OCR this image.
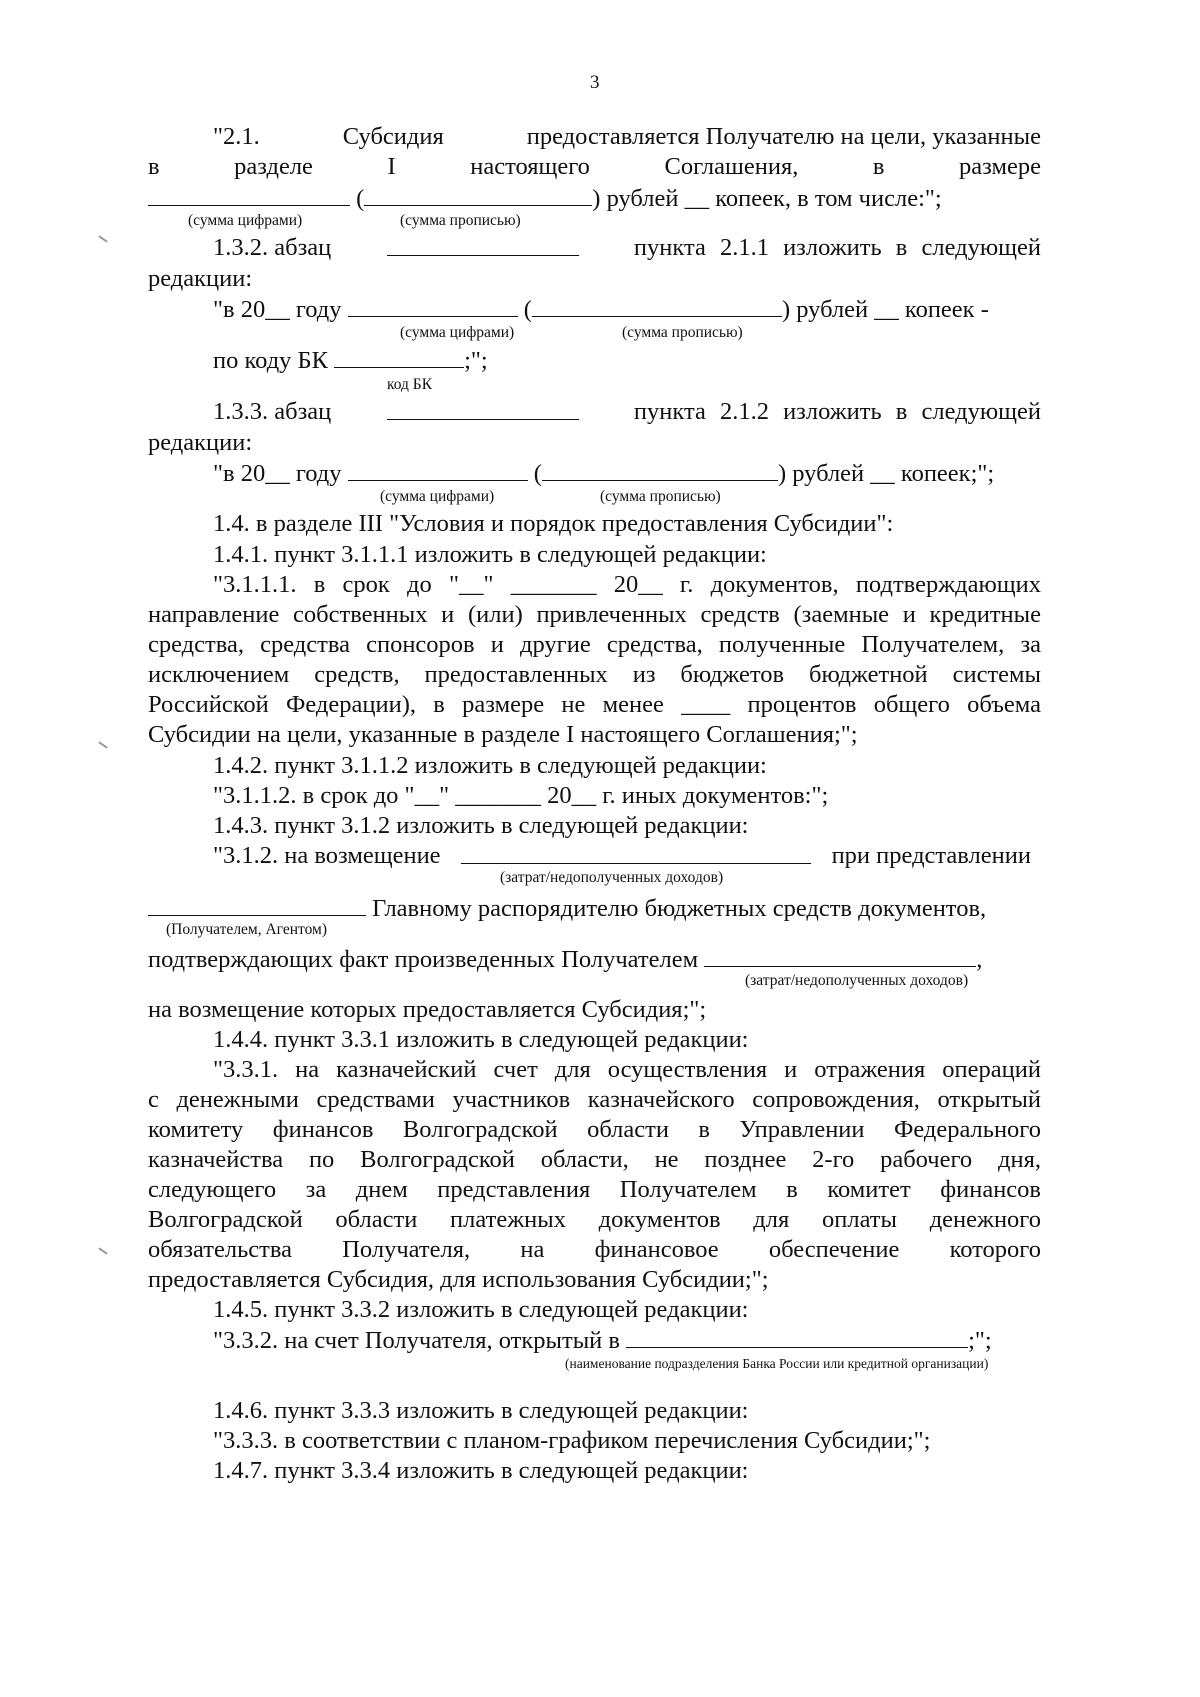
3
"2.1.	Субсидия	предоставляется Получателю на цели, указанные
в	разделе	I	настоящего	Соглашения,	в	размере
(	) рублей __ копеек, в том числе:";
(сумма цифрами)	(сумма прописью)
1.3.2. абзац	пункта 2.1.1 изложить в следующей
редакции:
"в 20__ году	(	) рублей __ копеек -
(сумма цифрами)	(сумма прописью)
по коду БК	;";
код БК
1.3.3. абзац	пункта 2.1.2 изложить в следующей
редакции:
"в 20__ году	(	) рублей __ копеек;";
(сумма цифрами)	(сумма прописью)
1.4. в разделе III "Условия и порядок предоставления Субсидии":
1.4.1. пункт 3.1.1.1 изложить в следующей редакции:
"3.1.1.1. в срок до "__" _______ 20__ г. документов, подтверждающих
направление собственных и (или) привлеченных средств (заемные и кредитные
средства, средства спонсоров и другие средства, полученные Получателем, за
исключением средств, предоставленных из бюджетов бюджетной системы
Российской Федерации), в размере не менее ____ процентов общего объема
Субсидии на цели, указанные в разделе I настоящего Соглашения;";
1.4.2. пункт 3.1.1.2 изложить в следующей редакции:
"3.1.1.2. в срок до "__" _______ 20__ г. иных документов:";
1.4.3. пункт 3.1.2 изложить в следующей редакции:
"3.1.2. на возмещение	при представлении
(затрат/недополученных доходов)
Главному распорядителю бюджетных средств документов,
(Получателем, Агентом)
подтверждающих факт произведенных Получателем	,
(затрат/недополученных доходов)
на возмещение которых предоставляется Субсидия;";
1.4.4. пункт 3.3.1 изложить в следующей редакции:
"3.3.1. на казначейский счет для осуществления и отражения операций
с денежными средствами участников казначейского сопровождения, открытый
комитету финансов Волгоградской области в Управлении Федерального
казначейства по Волгоградской области, не позднее 2-го рабочего дня,
следующего за днем представления Получателем в комитет финансов
Волгоградской области платежных документов для оплаты денежного
обязательства Получателя, на финансовое обеспечение которого
предоставляется Субсидия, для использования Субсидии;";
1.4.5. пункт 3.3.2 изложить в следующей редакции:
"3.3.2. на счет Получателя, открытый в	;";
(наименование подразделения Банка России или кредитной организации)
1.4.6. пункт 3.3.3 изложить в следующей редакции:
"3.3.3. в соответствии с планом-графиком перечисления Субсидии;";
1.4.7. пункт 3.3.4 изложить в следующей редакции:
